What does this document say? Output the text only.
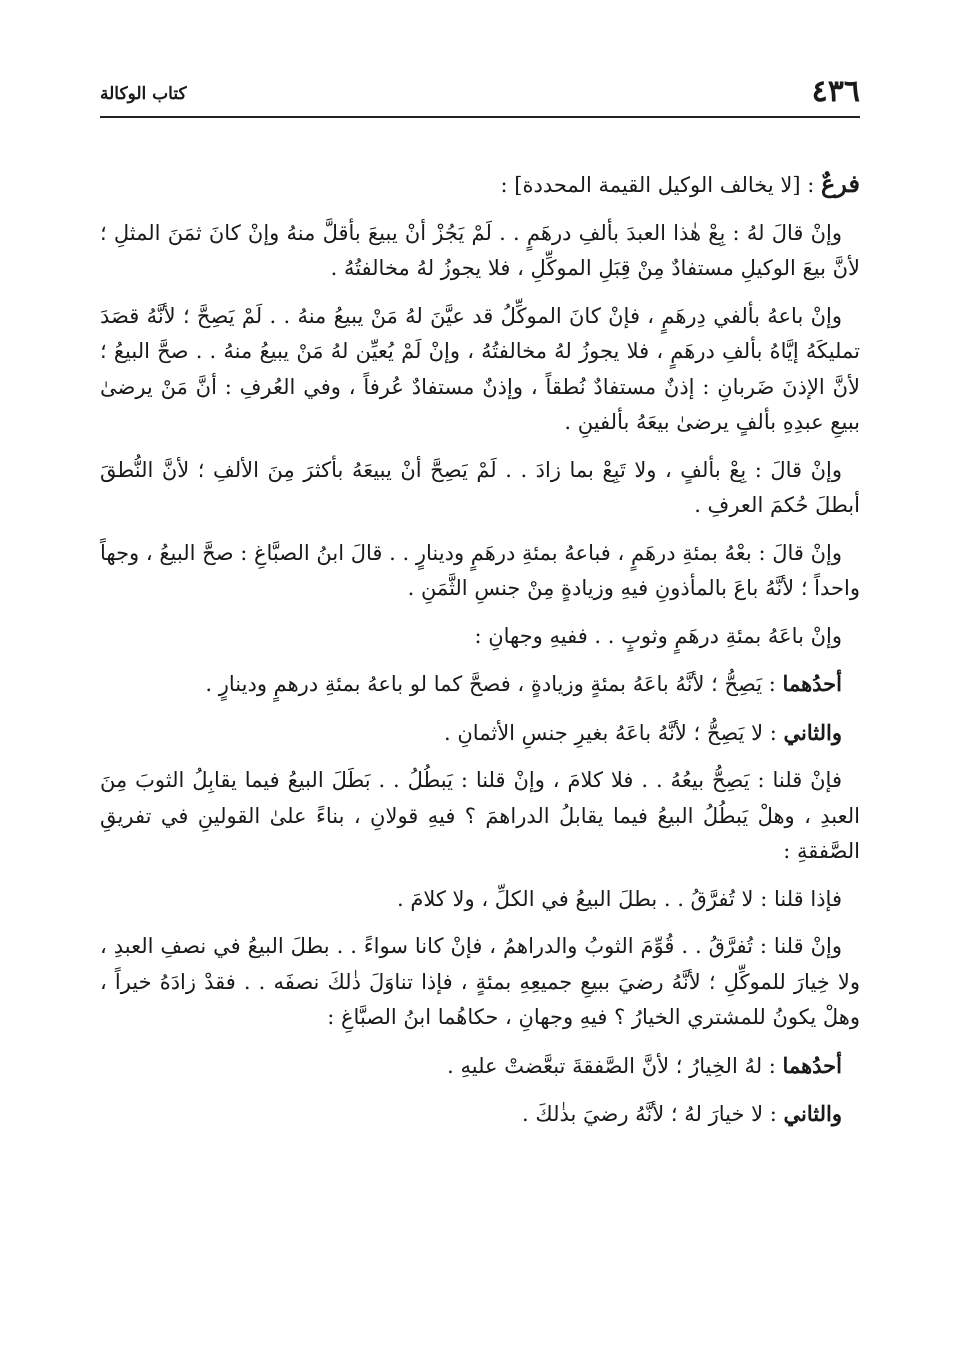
٤٣٦
كتاب الوكالة

فرعٌ : [لا يخالف الوكيل القيمة المحددة] :

وإنْ قالَ لهُ : بِعْ هٰذا العبدَ بألفِ درهَمٍ . . لَمْ يَجُزْ أنْ يبيعَ بأقلَّ منهُ وإنْ كانَ ثمَنَ المثلِ ؛ لأنَّ بيعَ الوكيلِ مستفادٌ مِنْ قِبَلِ الموكِّلِ ، فلا يجوزُ لهُ مخالفتُهُ .

وإنْ باعهُ بألفي دِرهَمٍ ، فإنْ كانَ الموكِّلُ قد عيَّنَ لهُ مَنْ يبيعُ منهُ . . لَمْ يَصِحَّ ؛ لأنَّهُ قصَدَ تمليكَهُ إيَّاهُ بألفِ درهَمٍ ، فلا يجوزُ لهُ مخالفتُهُ ، وإنْ لَمْ يُعيِّن لهُ مَنْ يبيعُ منهُ . . صحَّ البيعُ ؛ لأنَّ الإذنَ ضَربانِ : إذنٌ مستفادٌ نُطقاً ، وإذنٌ مستفادٌ عُرفاً ، وفي العُرفِ : أنَّ مَنْ يرضىٰ ببيعِ عبدِهِ بألفٍ يرضىٰ بيعَهُ بألفينِ .

وإنْ قالَ : بِعْ بألفٍ ، ولا تَبِعْ بما زادَ . . لَمْ يَصِحَّ أنْ يبيعَهُ بأكثرَ مِنَ الألفِ ؛ لأنَّ النُّطقَ أبطلَ حُكمَ العرفِ .

وإنْ قالَ : بعْهُ بمئةِ درهَمٍ ، فباعهُ بمئةِ درهَمٍ ودينارٍ . . قالَ ابنُ الصبَّاغِ : صحَّ البيعُ ، وجهاً واحداً ؛ لأنَّهُ باعَ بالمأذونِ فيهِ وزيادةٍ مِنْ جنسِ الثَّمَنِ .

وإنْ باعَهُ بمئةِ درهَمٍ وثوبٍ . . ففيهِ وجهانِ :

أحدُهما : يَصِحُّ ؛ لأنَّهُ باعَهُ بمئةٍ وزيادةٍ ، فصحَّ كما لو باعهُ بمئةِ درهمٍ ودينارٍ .

والثاني : لا يَصِحُّ ؛ لأنَّهُ باعَهُ بغيرِ جنسِ الأثمانِ .

فإنْ قلنا : يَصِحُّ بيعُهُ . . فلا كلامَ ، وإنْ قلنا : يَبطُلُ . . بَطَلَ البيعُ فيما يقابِلُ الثوبَ مِنَ العبدِ ، وهلْ يَبطُلُ البيعُ فيما يقابلُ الدراهمَ ؟ فيهِ قولانِ ، بناءً علىٰ القولينِ في تفريقِ الصَّفقةِ :

فإذا قلنا : لا تُفرَّقُ . . بطلَ البيعُ في الكلِّ ، ولا كلامَ .

وإنْ قلنا : تُفرَّقُ . . قُوِّمَ الثوبُ والدراهمُ ، فإنْ كانا سواءً . . بطلَ البيعُ في نصفِ العبدِ ، ولا خِيارَ للموكِّلِ ؛ لأنَّهُ رضيَ ببيعِ جميعِهِ بمئةٍ ، فإذا تناوَلَ ذٰلكَ نصفَه . . فقدْ زادَهُ خيراً ، وهلْ يكونُ للمشتري الخيارُ ؟ فيهِ وجهانِ ، حكاهُما ابنُ الصبَّاغِ :

أحدُهما : لهُ الخِيارُ ؛ لأنَّ الصَّفقةَ تبعَّضتْ عليهِ .

والثاني : لا خيارَ لهُ ؛ لأنَّهُ رضيَ بذٰلكَ .
